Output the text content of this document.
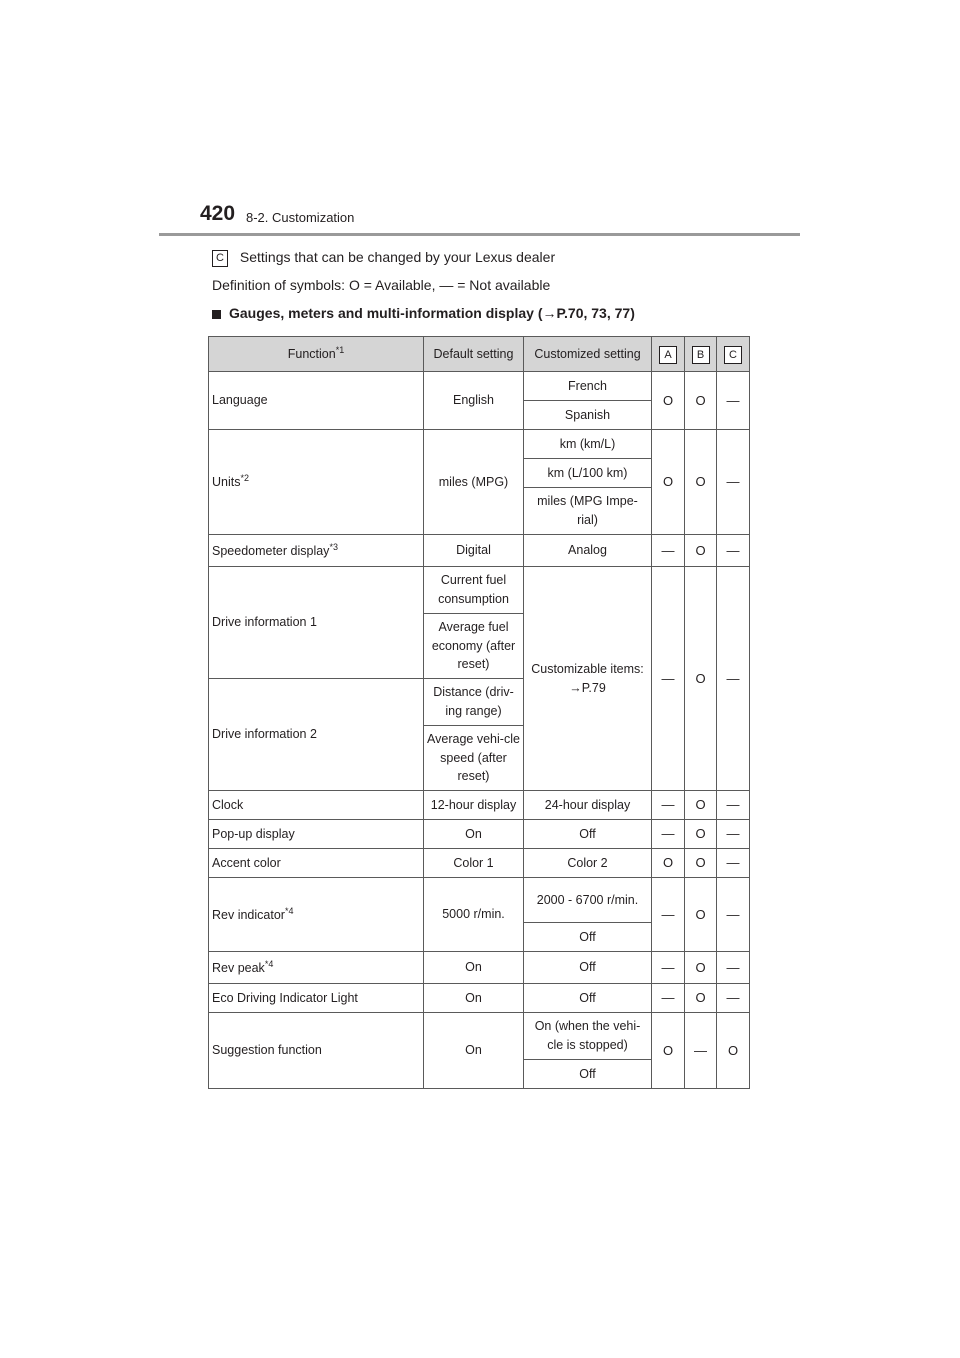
420 8-2. Customization
C Settings that can be changed by your Lexus dealer
Definition of symbols: O = Available, — = Not available
Gauges, meters and multi-information display (→P.70, 73, 77)
Function$^{*1}$	Default setting	Customized setting	A	B	C
Language	English	French	O	O	—
		Spanish			
Units$^{*2}$	miles (MPG)	km (km/L)	O	O	—
		km (L/100 km)			
		miles (MPG Impe-rial)			
Speedometer display$^{*3}$	Digital	Analog	—	O	—
Drive information 1	Current fuel consumption	Customizable items: →P.79	—	O	—
	Average fuel economy (after reset)				
Drive information 2	Distance (driv-ing range)				
	Average vehi-cle speed (after reset)				
Clock	12-hour display	24-hour display	—	O	—
Pop-up display	On	Off	—	O	—
Accent color	Color 1	Color 2	O	O	—
Rev indicator$^{*4}$	5000 r/min.	2000 - 6700 r/min.	—	O	—
		Off			
Rev peak$^{*4}$	On	Off	—	O	—
Eco Driving Indicator Light	On	Off	—	O	—
Suggestion function	On	On (when the vehi-cle is stopped)	O	—	O
		Off			
